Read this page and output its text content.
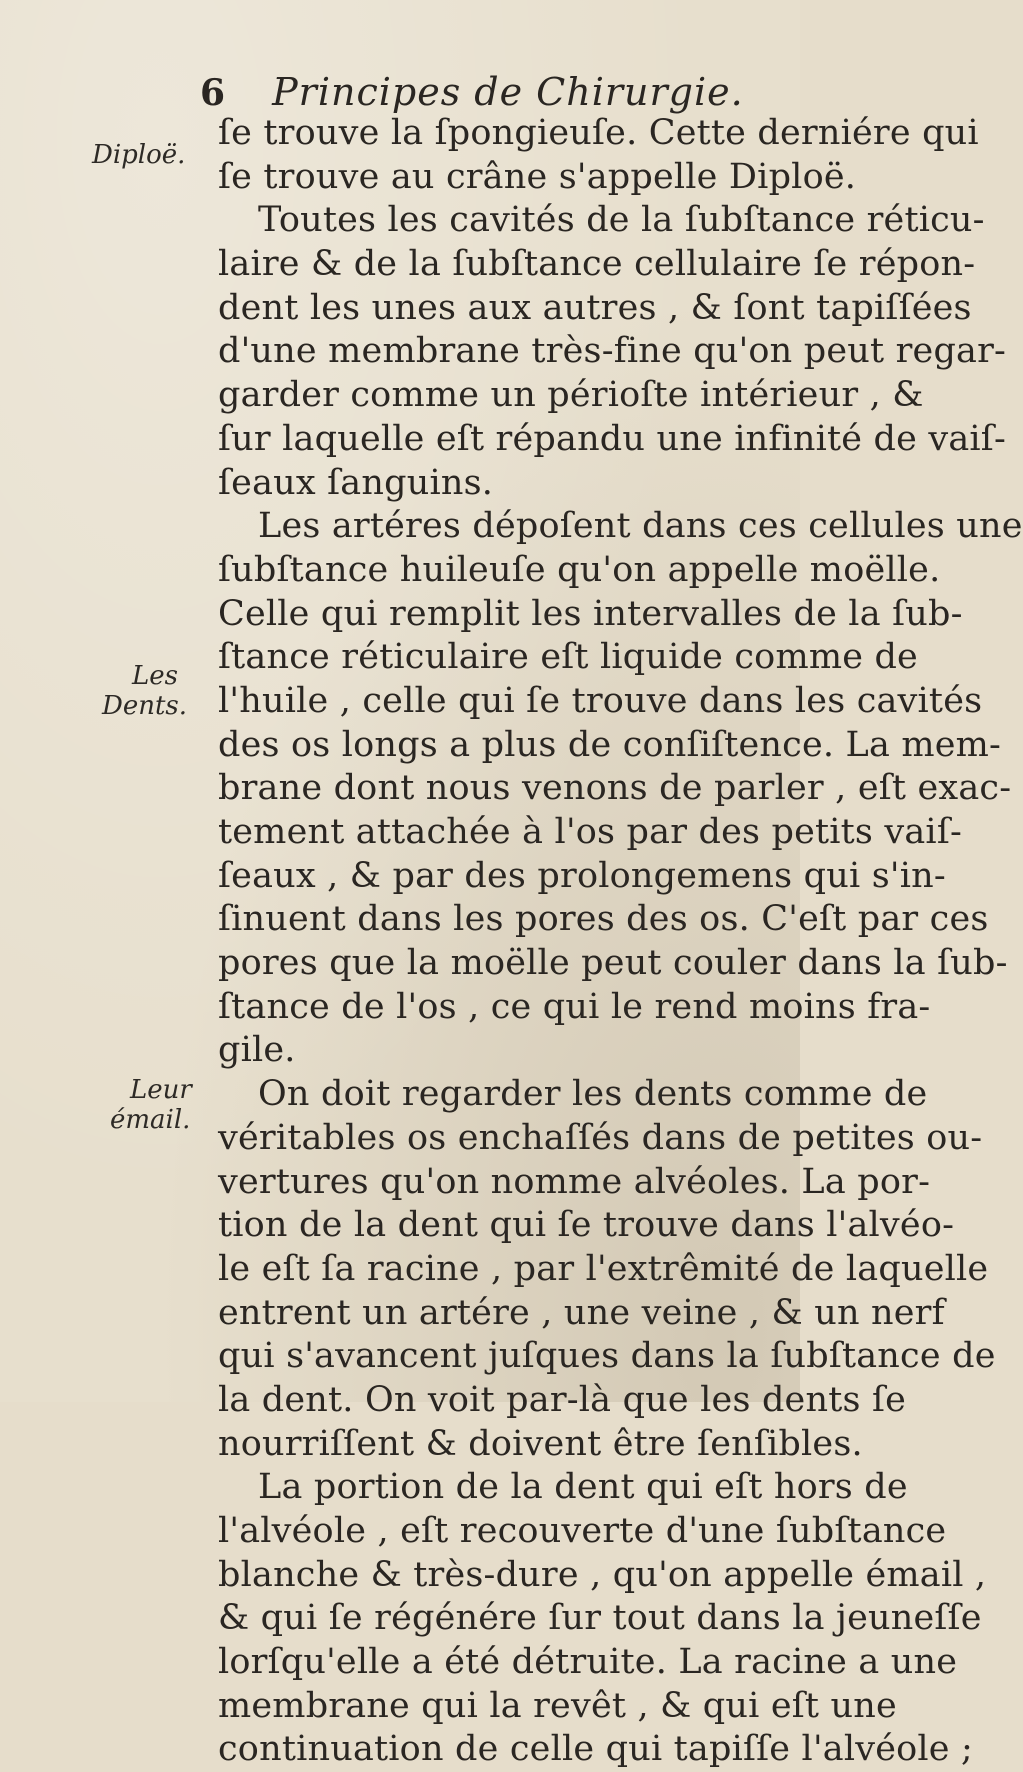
6 Principes de Chirurgie.
Diploë.
Les
Dents.
Leur
émail.
ſe trouve la ſpongieuſe. Cette derniére qui
ſe trouve au crâne s'appelle Diploë.
Toutes les cavités de la ſubſtance réticu-
laire & de la ſubſtance cellulaire ſe répon-
dent les unes aux autres , & ſont tapiſſées
d'une membrane très-fine qu'on peut regar-
garder comme un périoſte intérieur , &
ſur laquelle eſt répandu une infinité de vaiſ-
ſeaux ſanguins.
Les artéres dépoſent dans ces cellules une
ſubſtance huileuſe qu'on appelle moëlle.
Celle qui remplit les intervalles de la ſub-
ſtance réticulaire eſt liquide comme de
l'huile , celle qui ſe trouve dans les cavités
des os longs a plus de conſiſtence. La mem-
brane dont nous venons de parler , eſt exac-
tement attachée à l'os par des petits vaiſ-
ſeaux , & par des prolongemens qui s'in-
ſinuent dans les pores des os. C'eſt par ces
pores que la moëlle peut couler dans la ſub-
ſtance de l'os , ce qui le rend moins fra-
gile.
On doit regarder les dents comme de
véritables os enchaſſés dans de petites ou-
vertures qu'on nomme alvéoles. La por-
tion de la dent qui ſe trouve dans l'alvéo-
le eſt ſa racine , par l'extrêmité de laquelle
entrent un artére , une veine , & un nerf
qui s'avancent juſques dans la ſubſtance de
la dent. On voit par-là que les dents ſe
nourriſſent & doivent être ſenſibles.
La portion de la dent qui eſt hors de
l'alvéole , eſt recouverte d'une ſubſtance
blanche & très-dure , qu'on appelle émail ,
& qui ſe régénére ſur tout dans la jeuneſſe
lorſqu'elle a été détruite. La racine a une
membrane qui la revêt , & qui eſt une
continuation de celle qui tapiſſe l'alvéole ;
